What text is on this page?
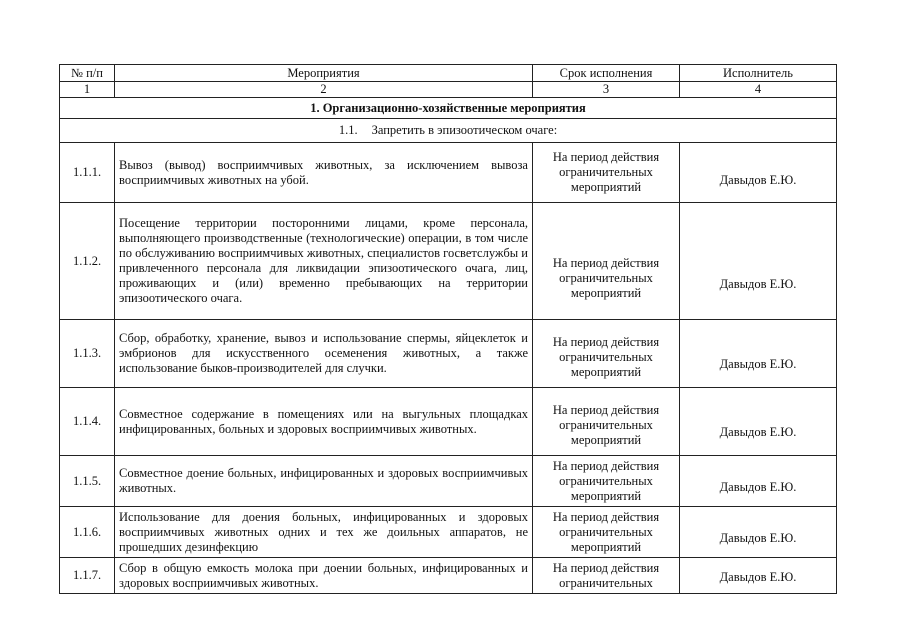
№ п/п	Мероприятия	Срок исполнения	Исполнитель
1	2	3	4
1. Организационно-хозяйственные мероприятия			
1.1. Запретить в эпизоотическом очаге:			
1.1.1.	Вывоз (вывод) восприимчивых животных, за исключением вывоза восприимчивых животных на убой.	На период действия ограничительных мероприятий	Давыдов Е.Ю.
1.1.2.	Посещение территории посторонними лицами, кроме персонала, выполняющего производственные (технологические) операции, в том числе по обслуживанию восприимчивых животных, специалистов госветслужбы и привлеченного персонала для ликвидации эпизоотического очага, лиц, проживающих и (или) временно пребывающих на территории эпизоотического очага.	На период действия ограничительных мероприятий	Давыдов Е.Ю.
1.1.3.	Сбор, обработку, хранение, вывоз и использование спермы, яйцеклеток и эмбрионов для искусственного осеменения животных, а также использование быков-производителей для случки.	На период действия ограничительных мероприятий	Давыдов Е.Ю.
1.1.4.	Совместное содержание в помещениях или на выгульных площадках инфицированных, больных и здоровых восприимчивых животных.	На период действия ограничительных мероприятий	Давыдов Е.Ю.
1.1.5.	Совместное доение больных, инфицированных и здоровых восприимчивых животных.	На период действия ограничительных мероприятий	Давыдов Е.Ю.
1.1.6.	Использование для доения больных, инфицированных и здоровых восприимчивых животных одних и тех же доильных аппаратов, не прошедших дезинфекцию	На период действия ограничительных мероприятий	Давыдов Е.Ю.
1.1.7.	Сбор в общую емкость молока при доении больных, инфицированных и здоровых восприимчивых животных.	На период действия ограничительных	Давыдов Е.Ю.
